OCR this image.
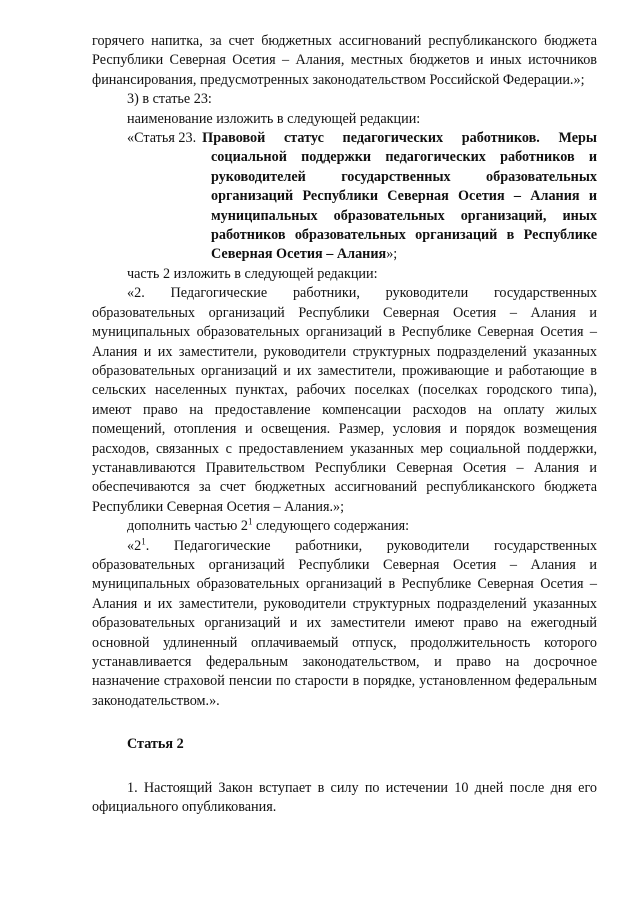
горячего напитка, за счет бюджетных ассигнований республиканского бюджета Республики Северная Осетия – Алания, местных бюджетов и иных источников финансирования, предусмотренных законодательством Российской Федерации.»;

3) в статье 23:

наименование изложить в следующей редакции:

«Статья 23. Правовой статус педагогических работников. Меры

социальной поддержки педагогических работников и руководителей государственных образовательных организаций Республики Северная Осетия – Алания и муниципальных образовательных организаций, иных работников образовательных организаций в Республике Северная Осетия – Алания»;

часть 2 изложить в следующей редакции:

«2. Педагогические работники, руководители государственных образовательных организаций Республики Северная Осетия – Алания и муниципальных образовательных организаций в Республике Северная Осетия – Алания и их заместители, руководители структурных подразделений указанных образовательных организаций и их заместители, проживающие и работающие в сельских населенных пунктах, рабочих поселках (поселках городского типа), имеют право на предоставление компенсации расходов на оплату жилых помещений, отопления и освещения. Размер, условия и порядок возмещения расходов, связанных с предоставлением указанных мер социальной поддержки, устанавливаются Правительством Республики Северная Осетия – Алания и обеспечиваются за счет бюджетных ассигнований республиканского бюджета Республики Северная Осетия – Алания.»;

дополнить частью $2^1$ следующего содержания:

«$2^1$. Педагогические работники, руководители государственных образовательных организаций Республики Северная Осетия – Алания и муниципальных образовательных организаций в Республике Северная Осетия – Алания и их заместители, руководители структурных подразделений указанных образовательных организаций и их заместители имеют право на ежегодный основной удлиненный оплачиваемый отпуск, продолжительность которого устанавливается федеральным законодательством, и право на досрочное назначение страховой пенсии по старости в порядке, установленном федеральным законодательством.».

Статья 2

1. Настоящий Закон вступает в силу по истечении 10 дней после дня его официального опубликования.
